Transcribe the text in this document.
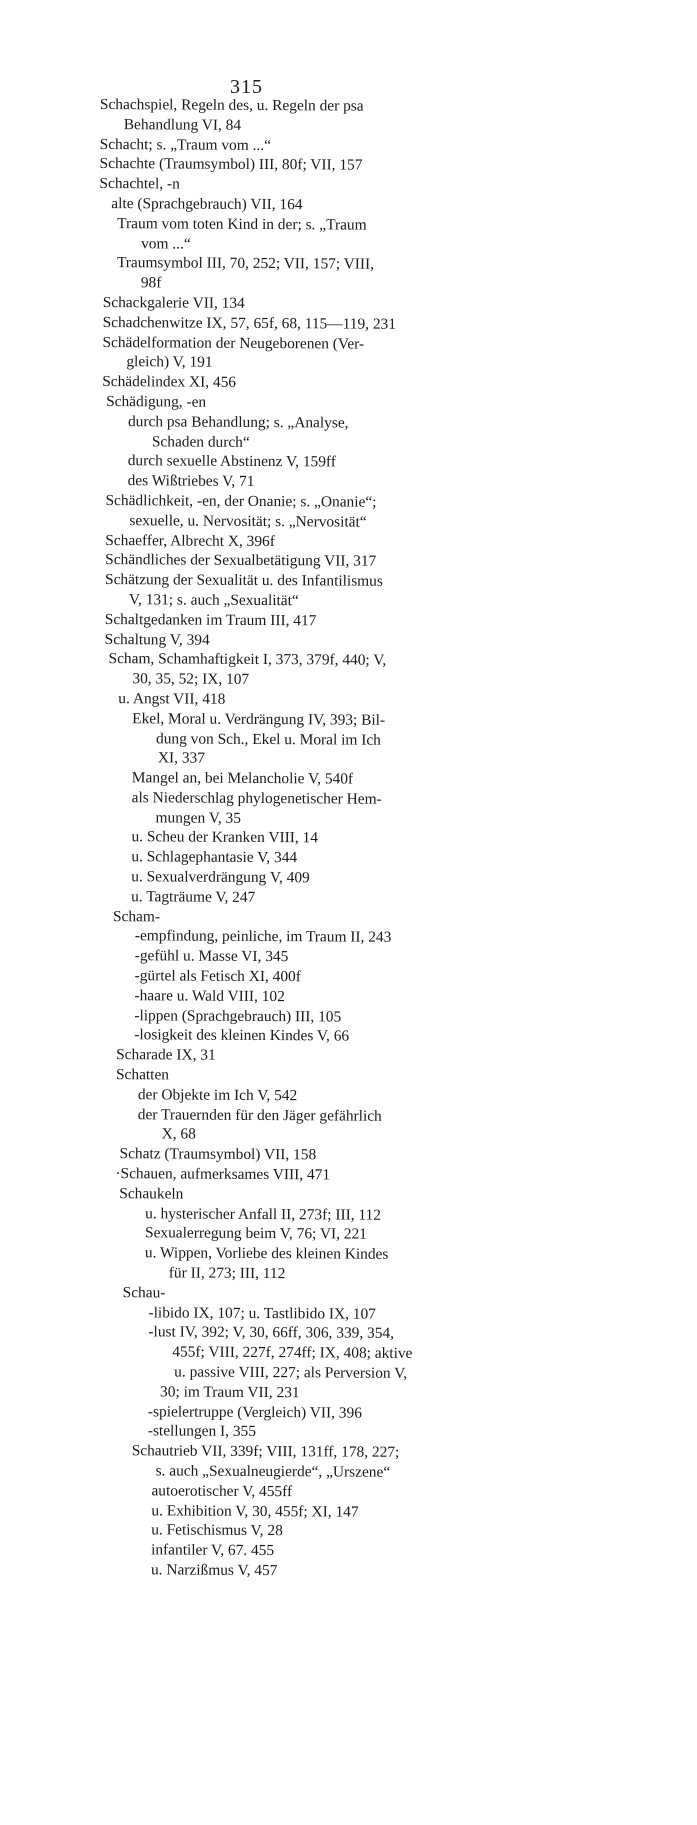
315

Schachspiel, Regeln des, u. Regeln der psa
Behandlung VI, 84
Schacht; s. „Traum vom ...“
Schachte (Traumsymbol) III, 80f; VII, 157
Schachtel, -n
alte (Sprachgebrauch) VII, 164
Traum vom toten Kind in der; s. „Traum
vom ...“
Traumsymbol III, 70, 252; VII, 157; VIII,
98f
Schackgalerie VII, 134
Schadchenwitze IX, 57, 65f, 68, 115—119, 231
Schädelformation der Neugeborenen (Ver-
gleich) V, 191
Schädelindex XI, 456
Schädigung, -en
durch psa Behandlung; s. „Analyse,
Schaden durch“
durch sexuelle Abstinenz V, 159ff
des Wißtriebes V, 71
Schädlichkeit, -en, der Onanie; s. „Onanie“;
sexuelle, u. Nervosität; s. „Nervosität“
Schaeffer, Albrecht X, 396f
Schändliches der Sexualbetätigung VII, 317
Schätzung der Sexualität u. des Infantilismus
V, 131; s. auch „Sexualität“
Schaltgedanken im Traum III, 417
Schaltung V, 394
Scham, Schamhaftigkeit I, 373, 379f, 440; V,
30, 35, 52; IX, 107
u. Angst VII, 418
Ekel, Moral u. Verdrängung IV, 393; Bil-
dung von Sch., Ekel u. Moral im Ich
XI, 337
Mangel an, bei Melancholie V, 540f
als Niederschlag phylogenetischer Hem-
mungen V, 35
u. Scheu der Kranken VIII, 14
u. Schlagephantasie V, 344
u. Sexualverdrängung V, 409
u. Tagträume V, 247
Scham-
-empfindung, peinliche, im Traum II, 243
-gefühl u. Masse VI, 345
-gürtel als Fetisch XI, 400f
-haare u. Wald VIII, 102
-lippen (Sprachgebrauch) III, 105
-losigkeit des kleinen Kindes V, 66
Scharade IX, 31
Schatten
der Objekte im Ich V, 542
der Trauernden für den Jäger gefährlich
X, 68
Schatz (Traumsymbol) VII, 158
·Schauen, aufmerksames VIII, 471
Schaukeln
u. hysterischer Anfall II, 273f; III, 112
Sexualerregung beim V, 76; VI, 221
u. Wippen, Vorliebe des kleinen Kindes
für II, 273; III, 112
Schau-
-libido IX, 107; u. Tastlibido IX, 107
-lust IV, 392; V, 30, 66ff, 306, 339, 354,
455f; VIII, 227f, 274ff; IX, 408; aktive
u. passive VIII, 227; als Perversion V,
30; im Traum VII, 231
-spielertruppe (Vergleich) VII, 396
-stellungen I, 355
Schautrieb VII, 339f; VIII, 131ff, 178, 227;
s. auch „Sexualneugierde“, „Urszene“
autoerotischer V, 455ff
u. Exhibition V, 30, 455f; XI, 147
u. Fetischismus V, 28
infantiler V, 67. 455
u. Narzißmus V, 457
